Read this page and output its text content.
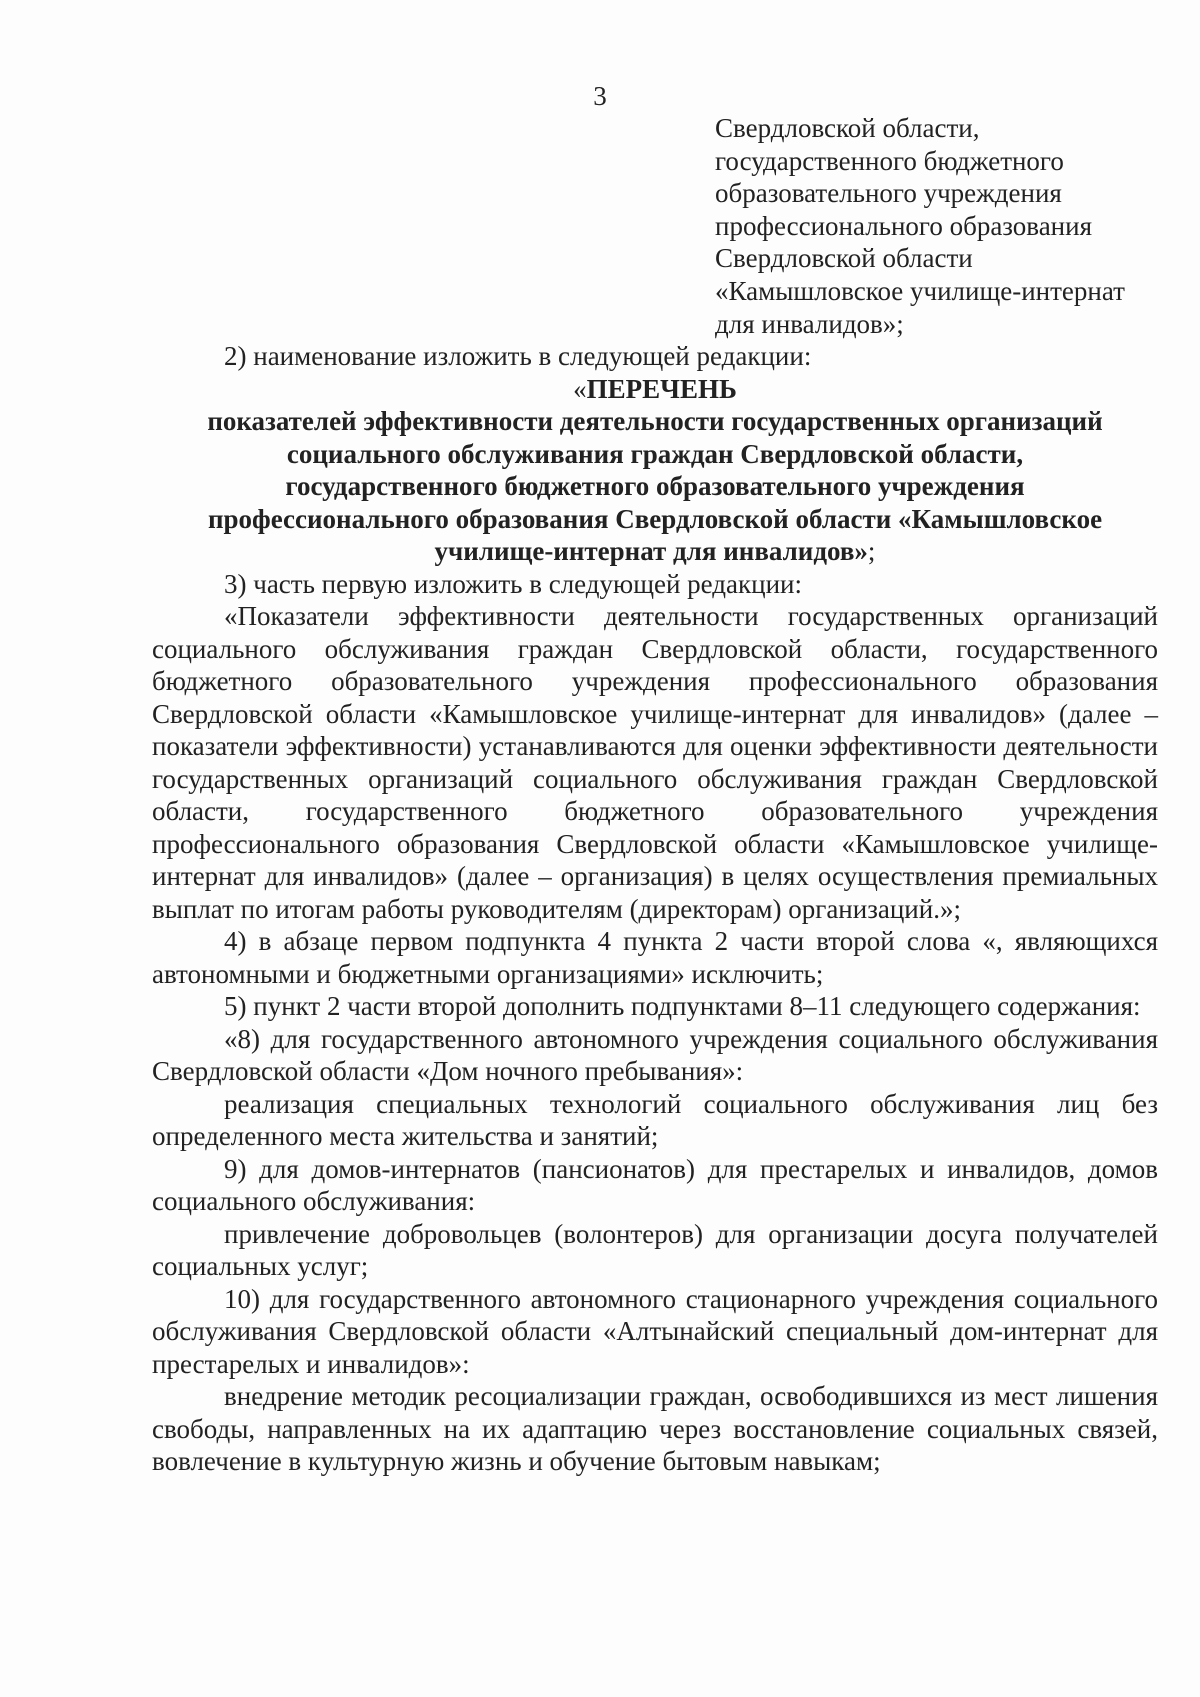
3
Свердловской области,
государственного бюджетного
образовательного учреждения
профессионального образования
Свердловской области
«Камышловское училище-интернат
для инвалидов»;

2) наименование изложить в следующей редакции:

«ПЕРЕЧЕНЬ
показателей эффективности деятельности государственных организаций
социального обслуживания граждан Свердловской области,
государственного бюджетного образовательного учреждения
профессионального образования Свердловской области «Камышловское
училище-интернат для инвалидов»;

3) часть первую изложить в следующей редакции:

«Показатели эффективности деятельности государственных организаций социального обслуживания граждан Свердловской области, государственного бюджетного образовательного учреждения профессионального образования Свердловской области «Камышловское училище-интернат для инвалидов» (далее – показатели эффективности) устанавливаются для оценки эффективности деятельности государственных организаций социального обслуживания граждан Свердловской области, государственного бюджетного образовательного учреждения профессионального образования Свердловской области «Камышловское училище-интернат для инвалидов» (далее – организация) в целях осуществления премиальных выплат по итогам работы руководителям (директорам) организаций.»;

4) в абзаце первом подпункта 4 пункта 2 части второй слова «, являющихся автономными и бюджетными организациями» исключить;

5) пункт 2 части второй дополнить подпунктами 8–11 следующего содержания:

«8) для государственного автономного учреждения социального обслуживания Свердловской области «Дом ночного пребывания»:

реализация специальных технологий социального обслуживания лиц без определенного места жительства и занятий;

9) для домов-интернатов (пансионатов) для престарелых и инвалидов, домов социального обслуживания:

привлечение добровольцев (волонтеров) для организации досуга получателей социальных услуг;

10) для государственного автономного стационарного учреждения социального обслуживания Свердловской области «Алтынайский специальный дом-интернат для престарелых и инвалидов»:

внедрение методик ресоциализации граждан, освободившихся из мест лишения свободы, направленных на их адаптацию через восстановление социальных связей, вовлечение в культурную жизнь и обучение бытовым навыкам;
